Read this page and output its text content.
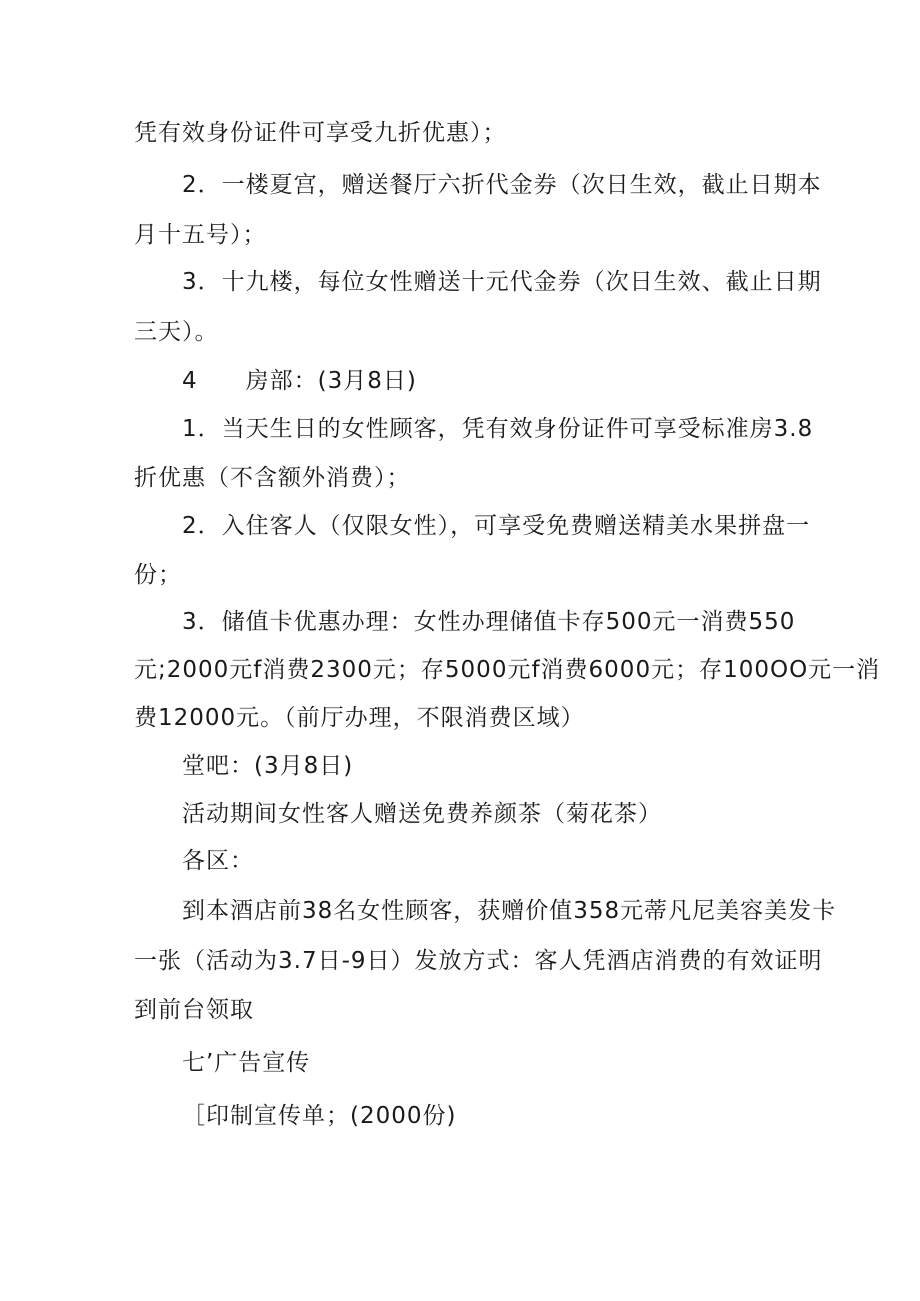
凭有效身份证件可享受九折优惠）；
2．一楼夏宫，赠送餐厅六折代金券（次日生效，截止日期本
月十五号）；
3．十九楼，每位女性赠送十元代金券（次日生效、截止日期
三天）。
4　　房部：(3月8日)
1．当天生日的女性顾客，凭有效身份证件可享受标准房3.8
折优惠（不含额外消费）；
2．入住客人（仅限女性），可享受免费赠送精美水果拼盘一
份；
3．储值卡优惠办理：女性办理储值卡存500元一消费550
元;2000元f消费2300元；存5000元f消费6000元；存100OO元一消
费12000元。（前厅办理，不限消费区域）
堂吧：(3月8日)
活动期间女性客人赠送免费养颜茶（菊花茶）
各区：
到本酒店前38名女性顾客，获赠价值358元蒂凡尼美容美发卡
一张（活动为3.7日-9日）发放方式：客人凭酒店消费的有效证明
到前台领取
七’广告宣传
［印制宣传单；(2000份)
